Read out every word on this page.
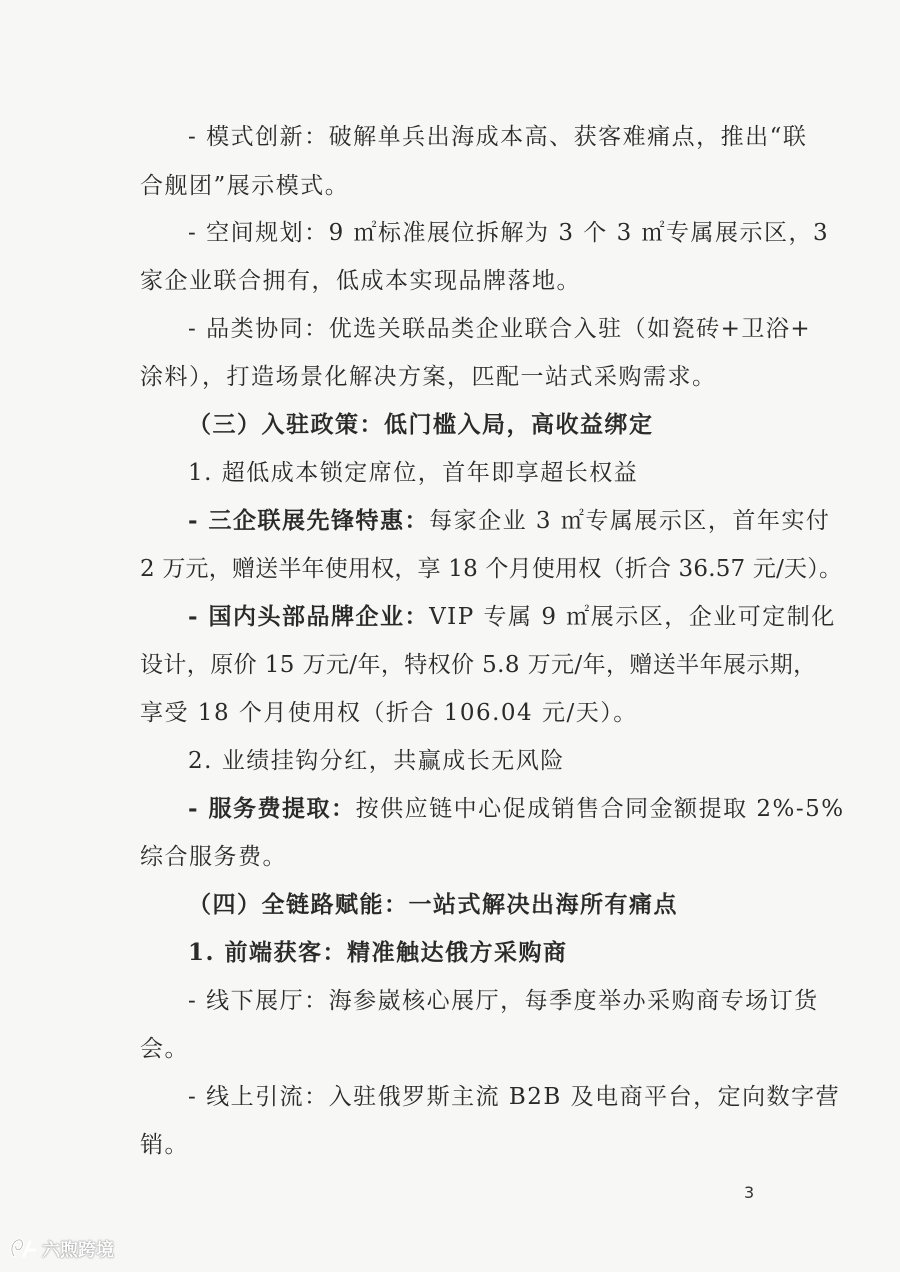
- 模式创新：破解单兵出海成本高、获客难痛点，推出“联
合舰团”展示模式。
- 空间规划：9 ㎡标准展位拆解为 3 个 3 ㎡专属展示区，3
家企业联合拥有，低成本实现品牌落地。
- 品类协同：优选关联品类企业联合入驻（如瓷砖+卫浴+
涂料），打造场景化解决方案，匹配一站式采购需求。
（三）入驻政策：低门槛入局，高收益绑定
1. 超低成本锁定席位，首年即享超长权益
- 三企联展先锋特惠：每家企业 3 ㎡专属展示区，首年实付
2 万元，赠送半年使用权，享 18 个月使用权（折合 36.57 元/天）。
- 国内头部品牌企业：VIP 专属 9 ㎡展示区，企业可定制化
设计，原价 15 万元/年，特权价 5.8 万元/年，赠送半年展示期，
享受 18 个月使用权（折合 106.04 元/天）。
2. 业绩挂钩分红，共赢成长无风险
- 服务费提取：按供应链中心促成销售合同金额提取 2%-5%
综合服务费。
（四）全链路赋能：一站式解决出海所有痛点
1. 前端获客：精准触达俄方采购商
- 线下展厅：海参崴核心展厅，每季度举办采购商专场订货
会。
- 线上引流：入驻俄罗斯主流 B2B 及电商平台，定向数字营
销。
3
六煦跨境
